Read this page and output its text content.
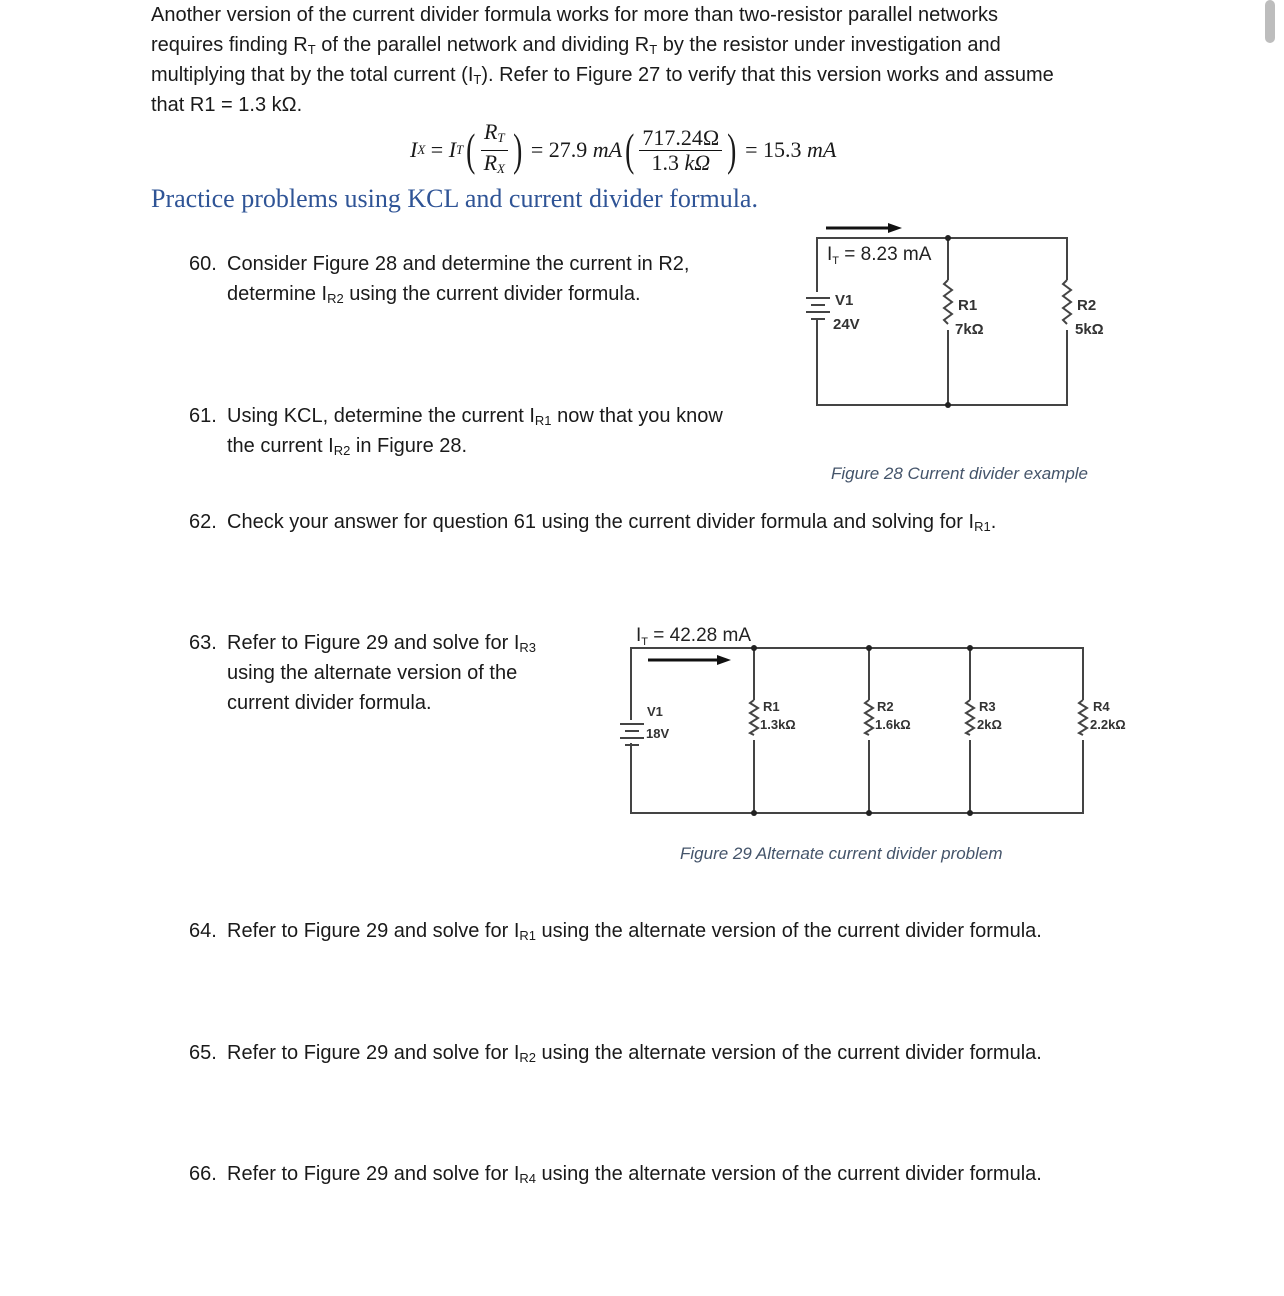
Another version of the current divider formula works for more than two-resistor parallel networks
requires finding $R_T$ of the parallel network and dividing $R_T$ by the resistor under investigation and
multiplying that by the total current $(I_T)$. Refer to Figure 27 to verify that this version works and assume
that R1 = 1.3 kΩ.
I X = I T ( $\frac{R_T}{R_X}$ ) = 27.9 mA ( $\frac{717.24\Omega}{1.3 k\Omega}$ ) = 15.3 mA
Practice problems using KCL and current divider formula.
60. Consider Figure 28 and determine the current in R2,
determine $I_{R2}$ using the current divider formula.
61. Using KCL, determine the current $I_{R1}$ now that you know
the current $I_{R2}$ in Figure 28.
62. Check your answer for question 61 using the current divider formula and solving for $I_{R1}$.
63. Refer to Figure 29 and solve for $I_{R3}$
using the alternate version of the
current divider formula.
64. Refer to Figure 29 and solve for $I_{R1}$ using the alternate version of the current divider formula.
65. Refer to Figure 29 and solve for $I_{R2}$ using the alternate version of the current divider formula.
66. Refer to Figure 29 and solve for $I_{R4}$ using the alternate version of the current divider formula.
$I_T = 8.23$ mA
V1
24V
R1
7kΩ
R2
5kΩ
$I_T = 42.28$ mA
V1
18V
R1
1.3kΩ
R2
1.6kΩ
R3
2kΩ
R4
2.2kΩ
Figure 28 Current divider example
Figure 29 Alternate current divider problem
